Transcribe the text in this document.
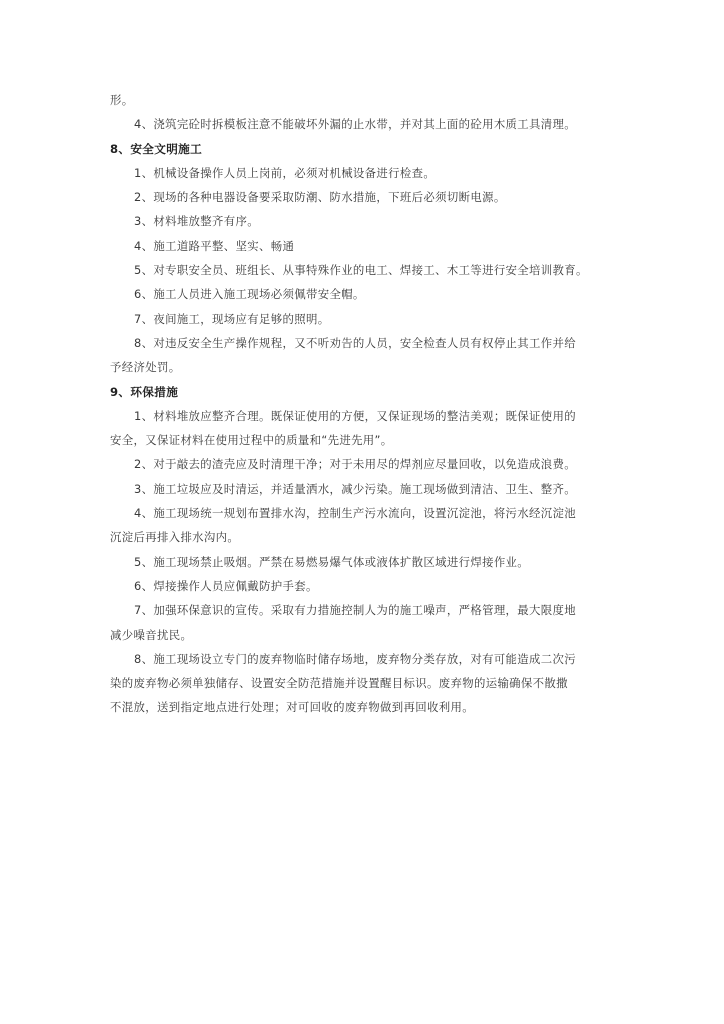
形。
4、浇筑完砼时拆模板注意不能破坏外漏的止水带，并对其上面的砼用木质工具清理。
8、安全文明施工
1、机械设备操作人员上岗前，必须对机械设备进行检查。
2、现场的各种电器设备要采取防潮、防水措施，下班后必须切断电源。
3、材料堆放整齐有序。
4、施工道路平整、坚实、畅通
5、对专职安全员、班组长、从事特殊作业的电工、焊接工、木工等进行安全培训教育。
6、施工人员进入施工现场必须佩带安全帽。
7、夜间施工，现场应有足够的照明。
8、对违反安全生产操作规程，又不听劝告的人员，安全检查人员有权停止其工作并给
予经济处罚。
9、环保措施
1、材料堆放应整齐合理。既保证使用的方便，又保证现场的整洁美观；既保证使用的
安全，又保证材料在使用过程中的质量和“先进先用”。
2、对于敲去的渣壳应及时清理干净；对于未用尽的焊剂应尽量回收，以免造成浪费。
3、施工垃圾应及时清运，并适量洒水，减少污染。施工现场做到清洁、卫生、整齐。
4、施工现场统一规划布置排水沟，控制生产污水流向，设置沉淀池，将污水经沉淀池
沉淀后再排入排水沟内。
5、施工现场禁止吸烟。严禁在易燃易爆气体或液体扩散区域进行焊接作业。
6、焊接操作人员应佩戴防护手套。
7、加强环保意识的宣传。采取有力措施控制人为的施工噪声，严格管理，最大限度地
减少噪音扰民。
8、施工现场设立专门的废弃物临时储存场地，废弃物分类存放，对有可能造成二次污
染的废弃物必须单独储存、设置安全防范措施并设置醒目标识。废弃物的运输确保不散撒
不混放，送到指定地点进行处理；对可回收的废弃物做到再回收利用。
